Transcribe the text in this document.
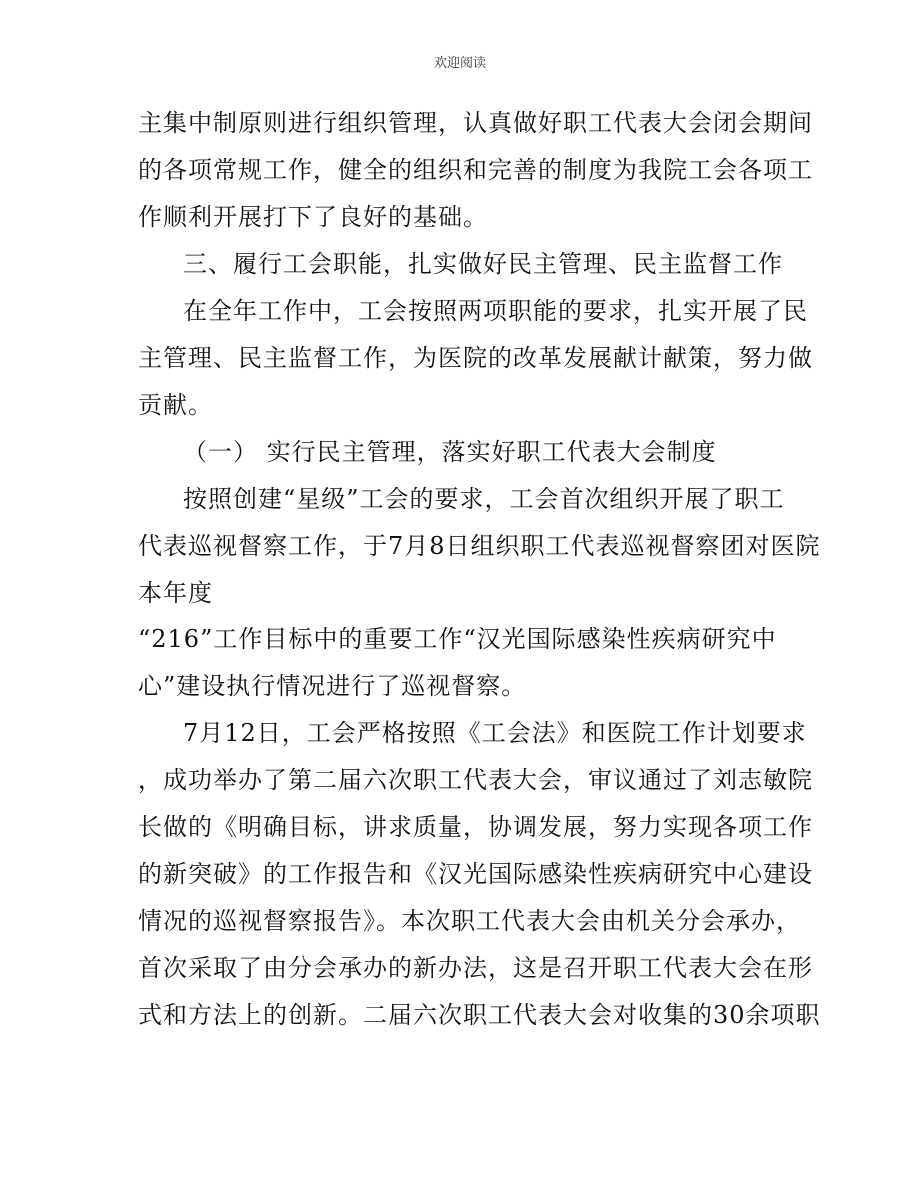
欢迎阅读
主集中制原则进行组织管理，认真做好职工代表大会闭会期间
的各项常规工作，健全的组织和完善的制度为我院工会各项工
作顺利开展打下了良好的基础。
三、履行工会职能，扎实做好民主管理、民主监督工作
在全年工作中，工会按照两项职能的要求，扎实开展了民
主管理、民主监督工作，为医院的改革发展献计献策，努力做
贡献。
（一） 实行民主管理，落实好职工代表大会制度
按照创建“星级”工会的要求，工会首次组织开展了职工
代表巡视督察工作，于7月8日组织职工代表巡视督察团对医院
本年度
“216”工作目标中的重要工作“汉光国际感染性疾病研究中
心”建设执行情况进行了巡视督察。
7月12日，工会严格按照《工会法》和医院工作计划要求
，成功举办了第二届六次职工代表大会，审议通过了刘志敏院
长做的《明确目标，讲求质量，协调发展，努力实现各项工作
的新突破》的工作报告和《汉光国际感染性疾病研究中心建设
情况的巡视督察报告》。本次职工代表大会由机关分会承办，
首次采取了由分会承办的新办法，这是召开职工代表大会在形
式和方法上的创新。二届六次职工代表大会对收集的30余项职
